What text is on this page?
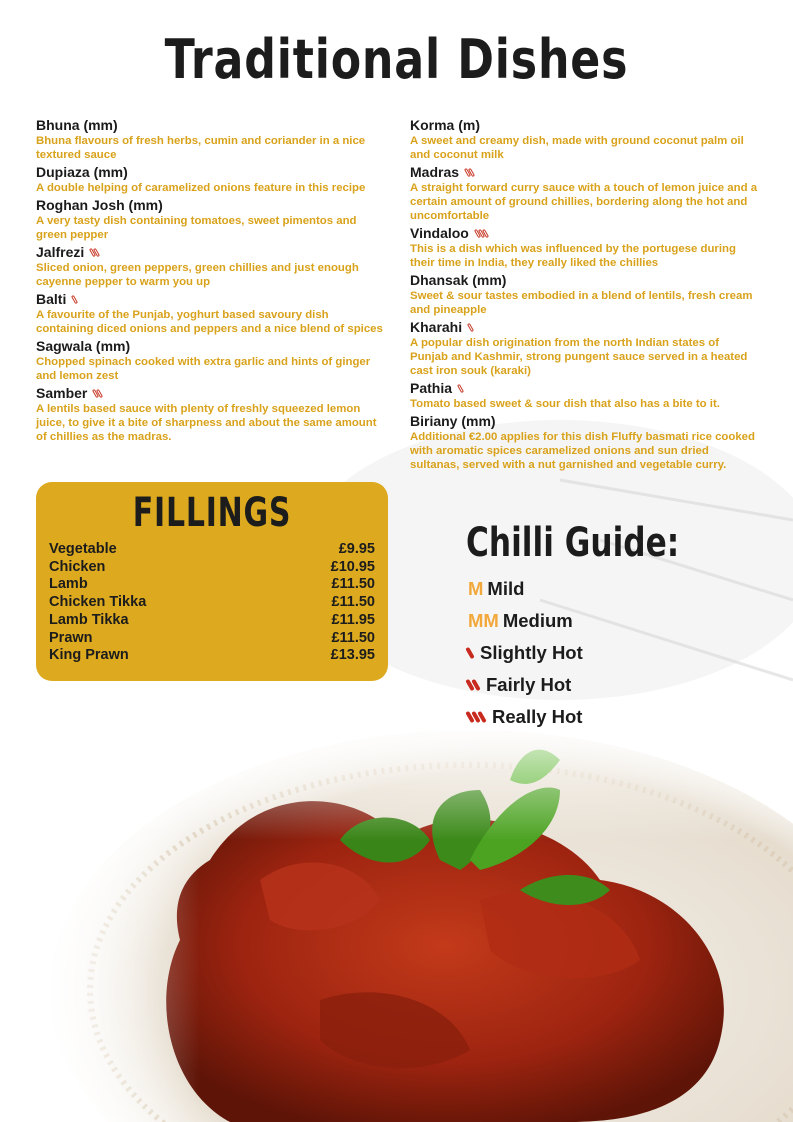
Traditional Dishes
Bhuna (mm)
Bhuna flavours of fresh herbs, cumin and coriander in a nice textured sauce
Dupiaza (mm)
A double helping of caramelized onions feature in this recipe
Roghan Josh (mm)
A very tasty dish containing tomatoes, sweet pimentos and green pepper
Jalfrezi
Sliced onion, green peppers, green chillies and just enough cayenne pepper to warm you up
Balti
A favourite of the Punjab, yoghurt based savoury dish containing diced onions and peppers and a nice blend of spices
Sagwala (mm)
Chopped spinach cooked with extra garlic and hints of ginger and lemon zest
Samber
A lentils based sauce with plenty of freshly squeezed lemon juice, to give it a bite of sharpness and about the same amount of chillies as the madras.
Korma (m)
A sweet and creamy dish, made with ground coconut palm oil and coconut milk
Madras
A straight forward curry sauce with a touch of lemon juice and a certain amount of ground chillies, bordering along the hot and uncomfortable
Vindaloo
This is a dish which was influenced by the portugese during their time in India, they really liked the chillies
Dhansak (mm)
Sweet & sour tastes embodied in a blend of lentils, fresh cream and pineapple
Kharahi
A popular dish origination from the north Indian states of Punjab and Kashmir, strong pungent sauce served in a heated cast iron souk (karaki)
Pathia
Tomato based sweet & sour dish that also has a bite to it.
Biriany (mm)
Additional €2.00 applies for this dish Fluffy basmati rice cooked with aromatic spices caramelized onions and sun dried sultanas, served with a nut garnished and vegetable curry.
FILLINGS
Vegetable	£9.95
Chicken	£10.95
Lamb	£11.50
Chicken Tikka	£11.50
Lamb Tikka	£11.95
Prawn	£11.50
King Prawn	£13.95
Chilli Guide:
M Mild
MM Medium
Slightly Hot
Fairly Hot
Really Hot
